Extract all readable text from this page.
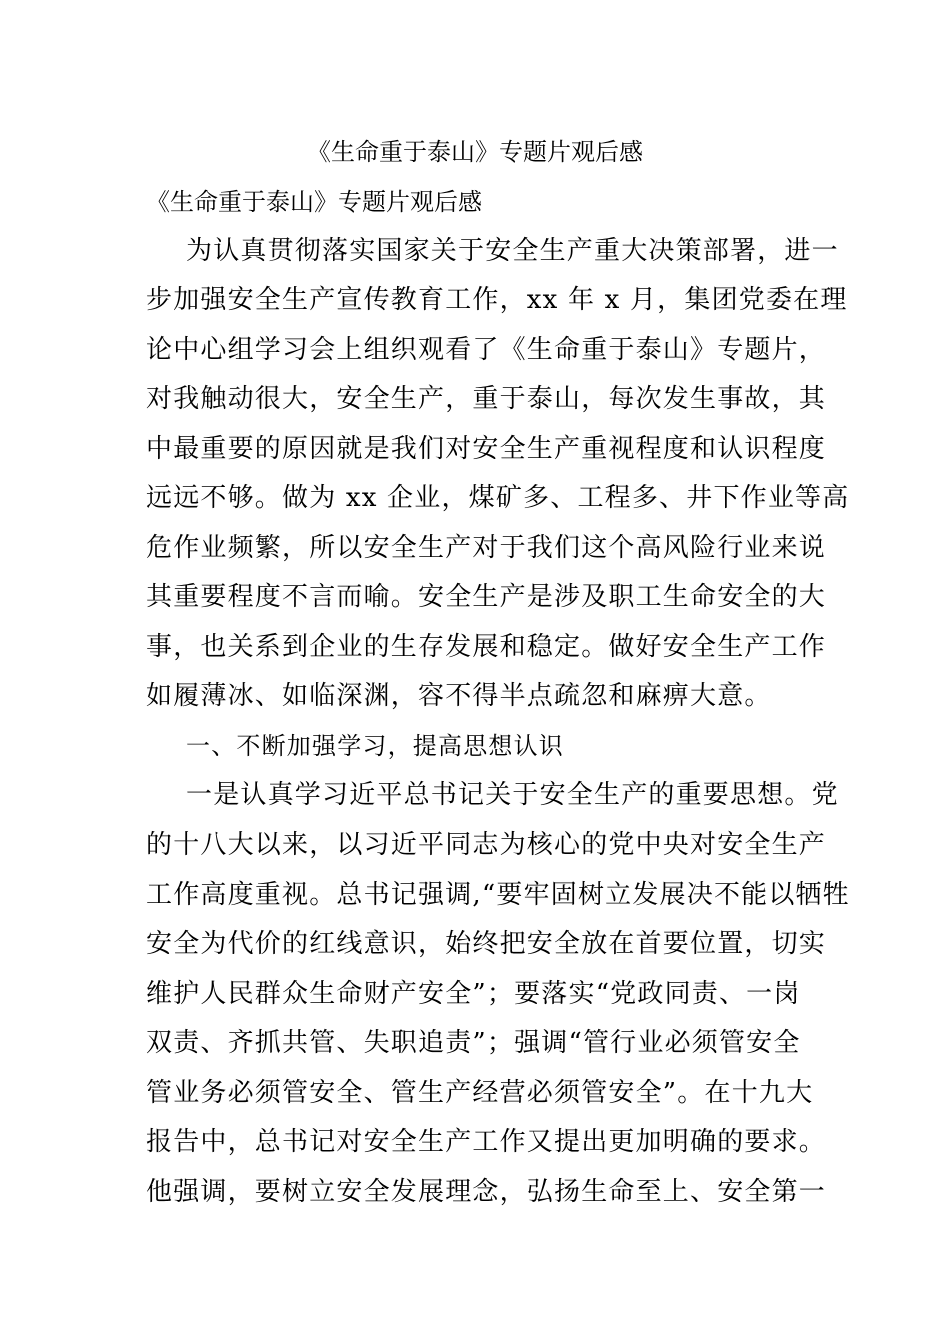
《生命重于泰山》专题片观后感
《生命重于泰山》专题片观后感
为认真贯彻落实国家关于安全生产重大决策部署，进一
步加强安全生产宣传教育工作，xx 年 x 月，集团党委在理
论中心组学习会上组织观看了《生命重于泰山》专题片，
对我触动很大，安全生产，重于泰山，每次发生事故，其
中最重要的原因就是我们对安全生产重视程度和认识程度
远远不够。做为 xx 企业，煤矿多、工程多、井下作业等高
危作业频繁，所以安全生产对于我们这个高风险行业来说
其重要程度不言而喻。安全生产是涉及职工生命安全的大
事，也关系到企业的生存发展和稳定。做好安全生产工作
如履薄冰、如临深渊，容不得半点疏忽和麻痹大意。
一、不断加强学习，提高思想认识
一是认真学习近平总书记关于安全生产的重要思想。党
的十八大以来，以习近平同志为核心的党中央对安全生产
工作高度重视。总书记强调,“要牢固树立发展决不能以牺牲
安全为代价的红线意识，始终把安全放在首要位置，切实
维护人民群众生命财产安全”；要落实“党政同责、一岗
双责、齐抓共管、失职追责”；强调“管行业必须管安全
管业务必须管安全、管生产经营必须管安全”。在十九大
报告中，总书记对安全生产工作又提出更加明确的要求。
他强调，要树立安全发展理念，弘扬生命至上、安全第一
